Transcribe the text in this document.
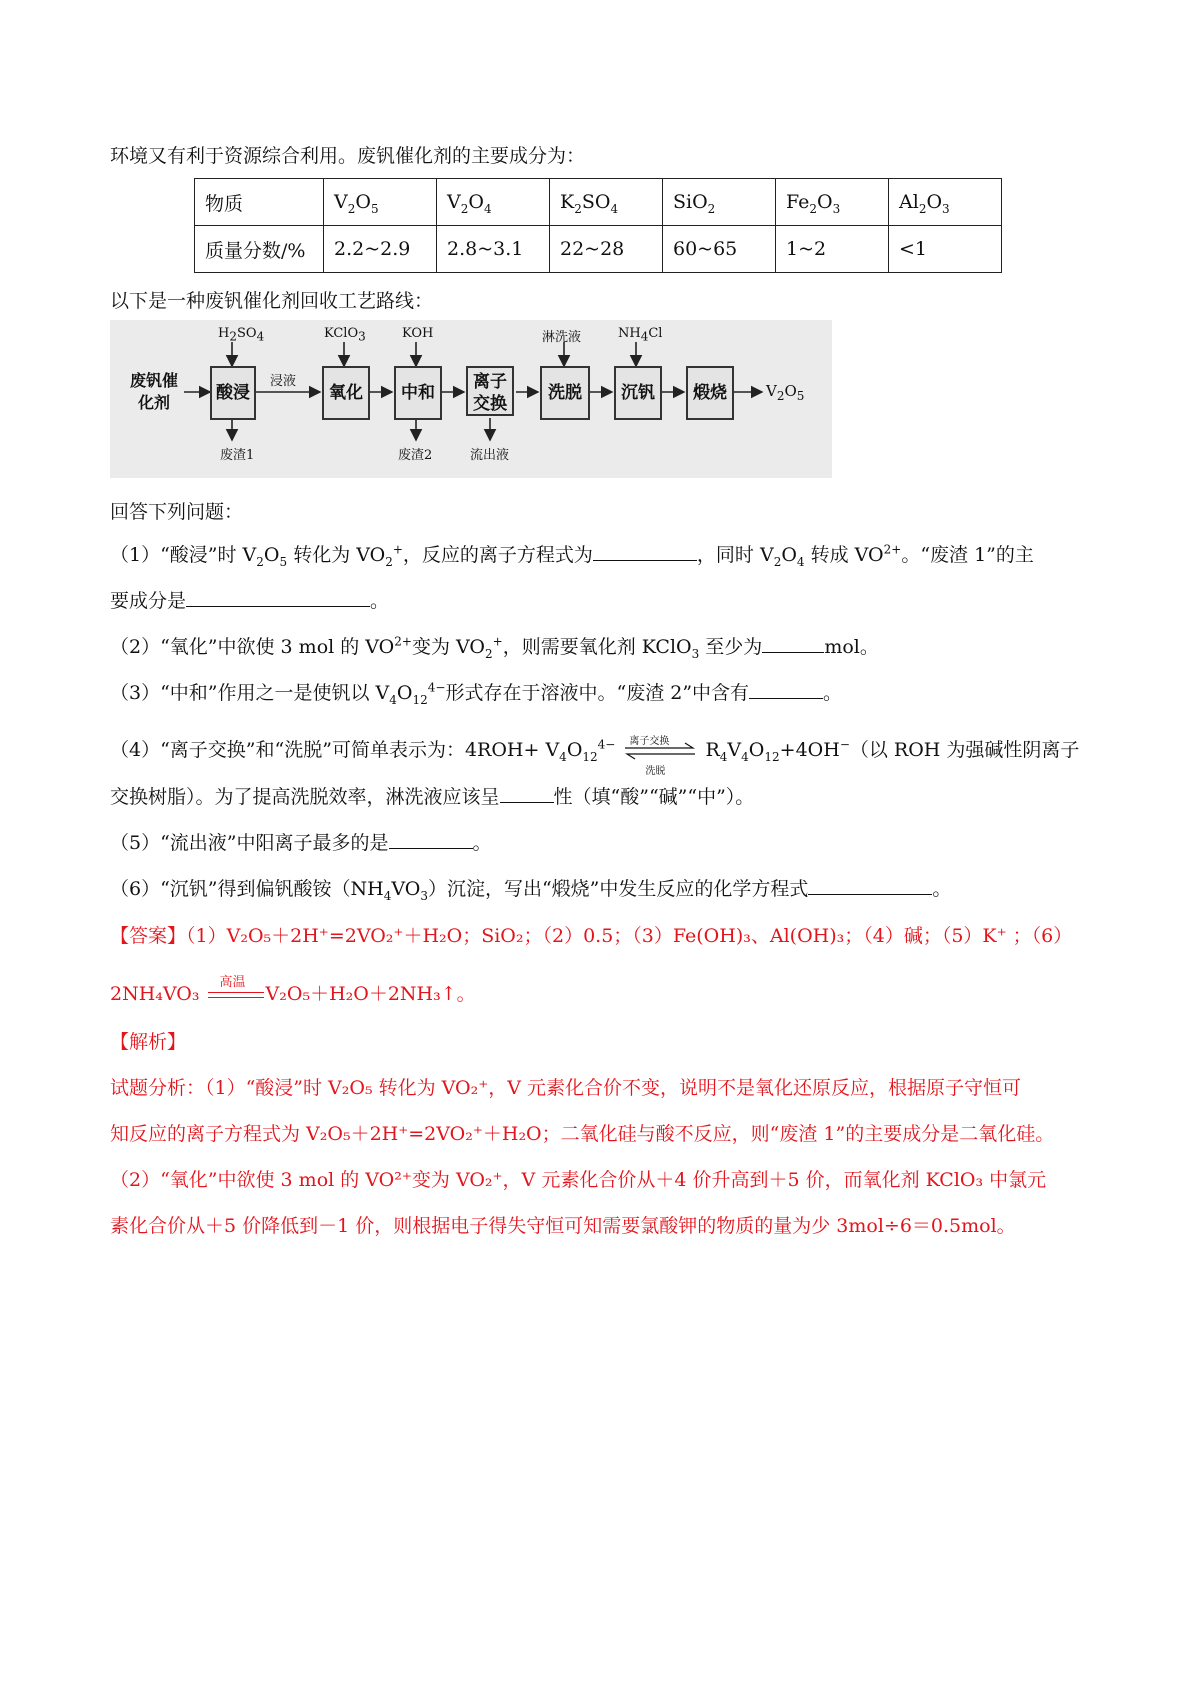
环境又有利于资源综合利用。废钒催化剂的主要成分为：
物质	$V_2O_5$	$V_2O_4$	$K_2SO_4$	SiO$_2$	$Fe_2O_3$	$Al_2O_3$
质量分数/%	2.2~2.9	2.8~3.1	22~28	60~65	1~2	<1
以下是一种废钒催化剂回收工艺路线：
废钒催化剂	酸浸	氧化	中和
离子交换
洗脱	沉钒	煅烧
$H_2SO_4$	KClO$_3$	KOH	淋洗液	$NH_4Cl$
浸液
废渣1	废渣2	流出液
$V_2O_5$
回答下列问题：
（1）“酸浸”时 $V_2O_5$ 转化为 $VO_2^+$，反应的离子方程式为	，同时 $V_2O_4$ 转成 $VO^{2+}$。“废渣 1”的主
要成分是	。
（2）“氧化”中欲使 3 mol 的 $VO^{2+}$变为 $VO_2^+$，则需要氧化剂 KClO$_3$ 至少为	mol。
（3）“中和”作用之一是使钒以 $V_4O_{12}^{4-}$形式存在于溶液中。“废渣 2”中含有	。
（4）“离子交换”和“洗脱”可简单表示为：$4ROH+ V_4O_{12}^{4-}$ 离子交换
洗脱
$R_4V_4O_{12}+4OH^-$（以 ROH 为强碱性阴离子
交换树脂）。为了提高洗脱效率，淋洗液应该呈	性（填“酸”“碱”“中”）。
（5）“流出液”中阳离子最多的是	。
（6）“沉钒”得到偏钒酸铵$(NH_4VO_3)$沉淀，写出“煅烧”中发生反应的化学方程式	。
【答案】（1）V₂O₅＋2H⁺=2VO₂⁺＋H₂O；SiO₂；（2）0.5；（3）Fe(OH)₃、Al(OH)₃；（4）碱；（5）K⁺ ；（6）
2NH₄VO₃
高温
V₂O₅＋H₂O＋2NH₃↑。
【解析】
试题分析：（1）“酸浸”时 V₂O₅ 转化为 VO₂⁺，V 元素化合价不变，说明不是氧化还原反应，根据原子守恒可
知反应的离子方程式为 V₂O₅＋2H⁺=2VO₂⁺＋H₂O；二氧化硅与酸不反应，则“废渣 1”的主要成分是二氧化硅。
（2）“氧化”中欲使 3 mol 的 VO²⁺变为 VO₂⁺，V 元素化合价从＋4 价升高到＋5 价，而氧化剂 KClO₃ 中氯元
素化合价从＋5 价降低到－1 价，则根据电子得失守恒可知需要氯酸钾的物质的量为少 3mol÷6＝0.5mol。
